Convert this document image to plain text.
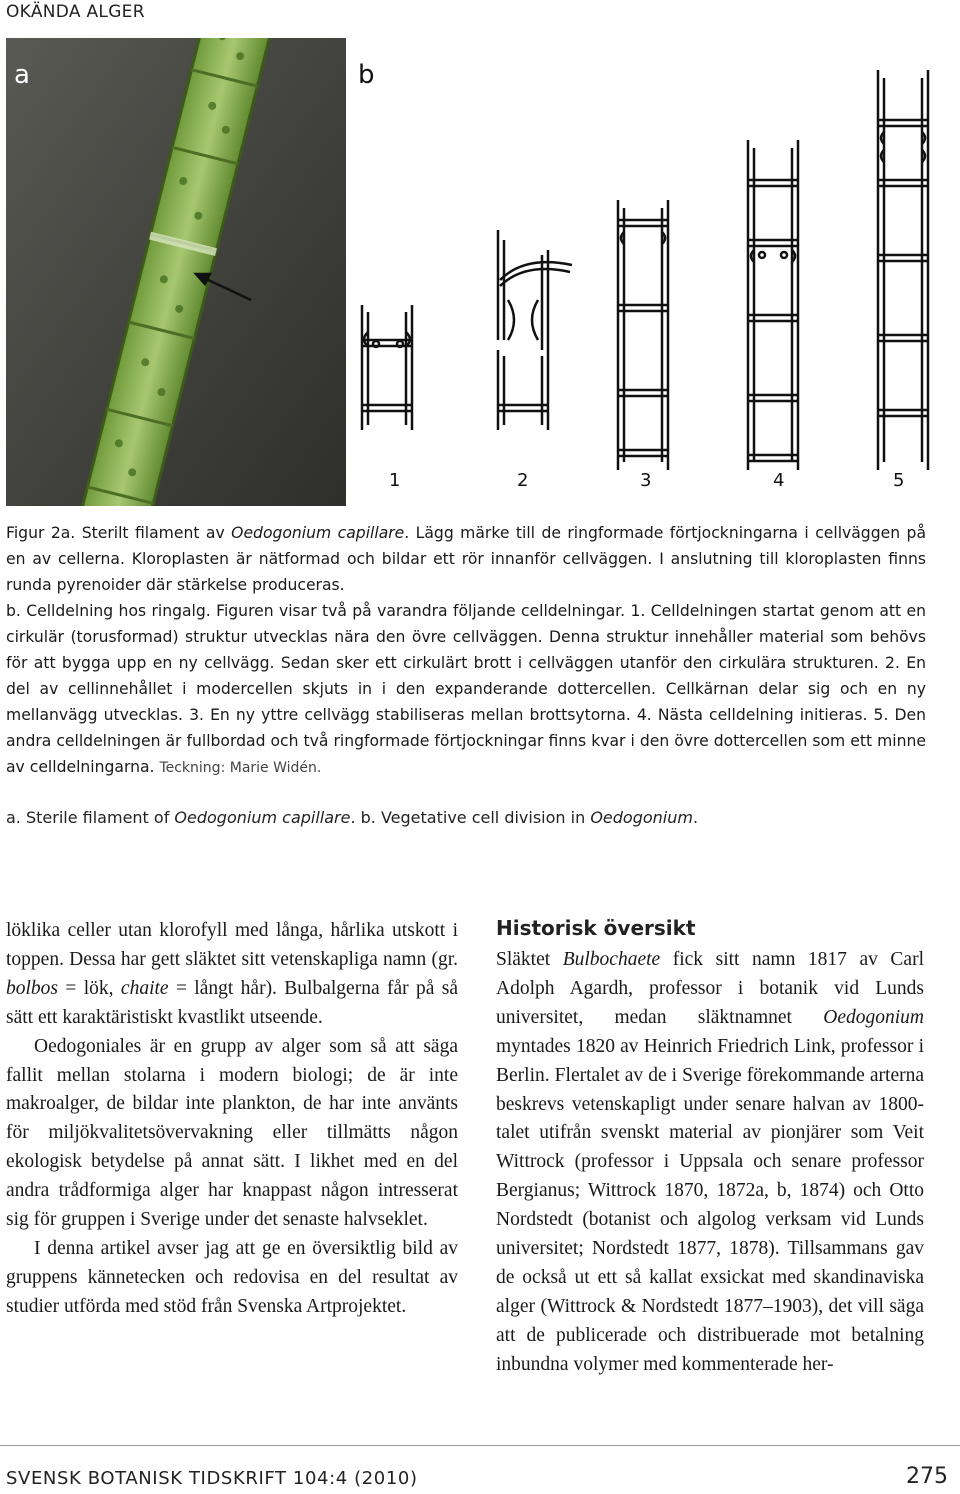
OKÄNDA ALGER
a	b
1	2	3	4	5

Figur 2a. Sterilt filament av Oedogonium capillare. Lägg märke till de ringformade förtjockningarna i cellväggen på en av cellerna. Kloroplasten är nätformad och bildar ett rör innanför cellväggen. I anslutning till kloroplasten finns runda pyrenoider där stärkelse produceras.

b. Celldelning hos ringalg. Figuren visar två på varandra följande celldelningar. 1. Celldelningen startat genom att en cirkulär (torusformad) struktur utvecklas nära den övre cellväggen. Denna struktur innehåller material som behövs för att bygga upp en ny cellvägg. Sedan sker ett cirkulärt brott i cellväggen utanför den cirkulära strukturen. 2. En del av cellinnehållet i modercellen skjuts in i den expanderande dottercellen. Cellkärnan delar sig och en ny mellanvägg utvecklas. 3. En ny yttre cellvägg stabiliseras mellan brottsytorna. 4. Nästa celldelning initieras. 5. Den andra celldelningen är fullbordad och två ringformade förtjockningar finns kvar i den övre dottercellen som ett minne av celldelningarna. Teckning: Marie Widén.

a. Sterile filament of Oedogonium capillare. b. Vegetative cell division in Oedogonium.

löklika celler utan klorofyll med långa, hårlika utskott i toppen. Dessa har gett släktet sitt vetenskapliga namn (gr. bolbos = lök, chaite = långt hår). Bulbalgerna får på så sätt ett karaktäristiskt kvastlikt utseende.

Oedogoniales är en grupp av alger som så att säga fallit mellan stolarna i modern biologi; de är inte makroalger, de bildar inte plankton, de har inte använts för miljökvalitetsövervakning eller tillmätts någon ekologisk betydelse på annat sätt. I likhet med en del andra trådformiga alger har knappast någon intresserat sig för gruppen i Sverige under det senaste halvseklet.

I denna artikel avser jag att ge en översiktlig bild av gruppens kännetecken och redovisa en del resultat av studier utförda med stöd från Svenska Artprojektet.

Historisk översikt

Släktet Bulbochaete fick sitt namn 1817 av Carl Adolph Agardh, professor i botanik vid Lunds universitet, medan släktnamnet Oedogonium myntades 1820 av Heinrich Friedrich Link, professor i Berlin. Flertalet av de i Sverige förekommande arterna beskrevs vetenskapligt under senare halvan av 1800-talet utifrån svenskt material av pionjärer som Veit Wittrock (professor i Uppsala och senare professor Bergianus; Wittrock 1870, 1872a, b, 1874) och Otto Nordstedt (botanist och algolog verksam vid Lunds universitet; Nordstedt 1877, 1878). Tillsammans gav de också ut ett så kallat exsickat med skandinaviska alger (Wittrock & Nordstedt 1877–1903), det vill säga att de publicerade och distribuerade mot betalning inbundna volymer med kommenterade her-

SVENSK BOTANISK TIDSKRIFT 104:4 (2010)	275
